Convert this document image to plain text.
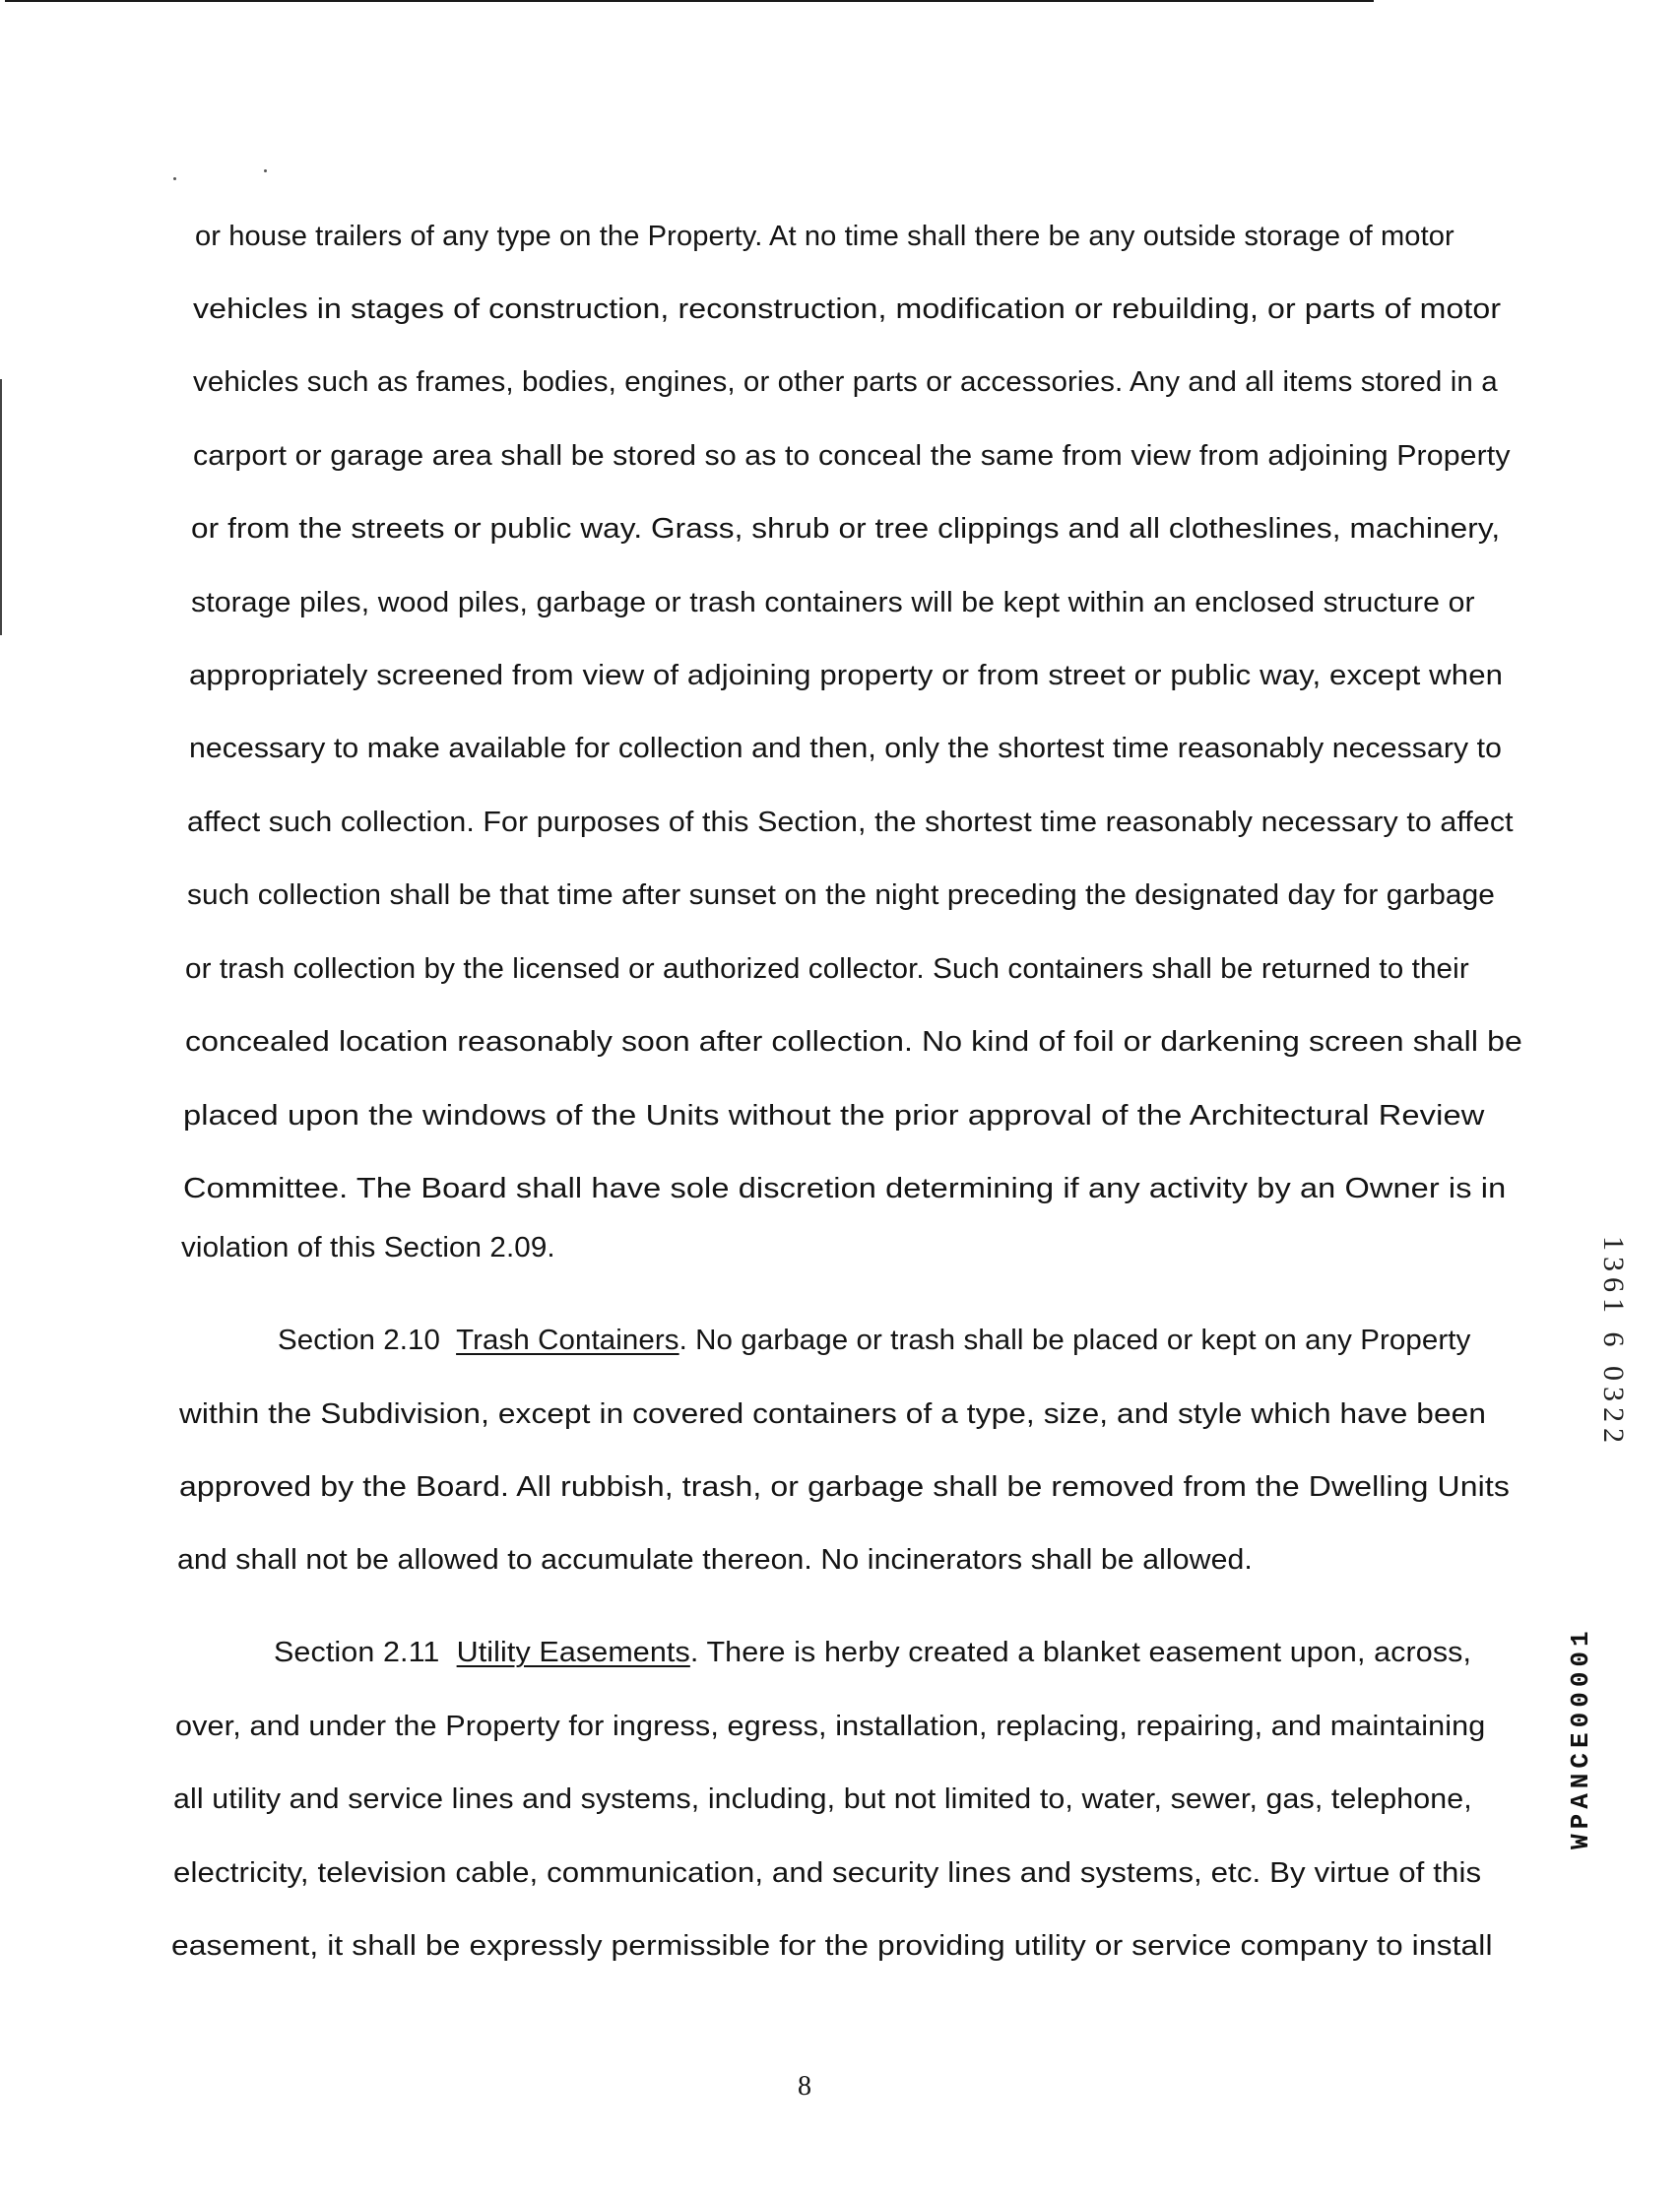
or house trailers of any type on the Property. At no time shall there be any outside storage of motor
vehicles in stages of construction, reconstruction, modification or rebuilding, or parts of motor
vehicles such as frames, bodies, engines, or other parts or accessories. Any and all items stored in a
carport or garage area shall be stored so as to conceal the same from view from adjoining Property
or from the streets or public way. Grass, shrub or tree clippings and all clotheslines, machinery,
storage piles, wood piles, garbage or trash containers will be kept within an enclosed structure or
appropriately screened from view of adjoining property or from street or public way, except when
necessary to make available for collection and then, only the shortest time reasonably necessary to
affect such collection. For purposes of this Section, the shortest time reasonably necessary to affect
such collection shall be that time after sunset on the night preceding the designated day for garbage
or trash collection by the licensed or authorized collector. Such containers shall be returned to their
concealed location reasonably soon after collection. No kind of foil or darkening screen shall be
placed upon the windows of the Units without the prior approval of the Architectural Review
Committee. The Board shall have sole discretion determining if any activity by an Owner is in
violation of this Section 2.09.
Section 2.10 Trash Containers. No garbage or trash shall be placed or kept on any Property
within the Subdivision, except in covered containers of a type, size, and style which have been
approved by the Board. All rubbish, trash, or garbage shall be removed from the Dwelling Units
and shall not be allowed to accumulate thereon. No incinerators shall be allowed.
Section 2.11 Utility Easements. There is herby created a blanket easement upon, across,
over, and under the Property for ingress, egress, installation, replacing, repairing, and maintaining
all utility and service lines and systems, including, but not limited to, water, sewer, gas, telephone,
electricity, television cable, communication, and security lines and systems, etc. By virtue of this
easement, it shall be expressly permissible for the providing utility or service company to install
8
1361 6 0322
WPANCE00001
